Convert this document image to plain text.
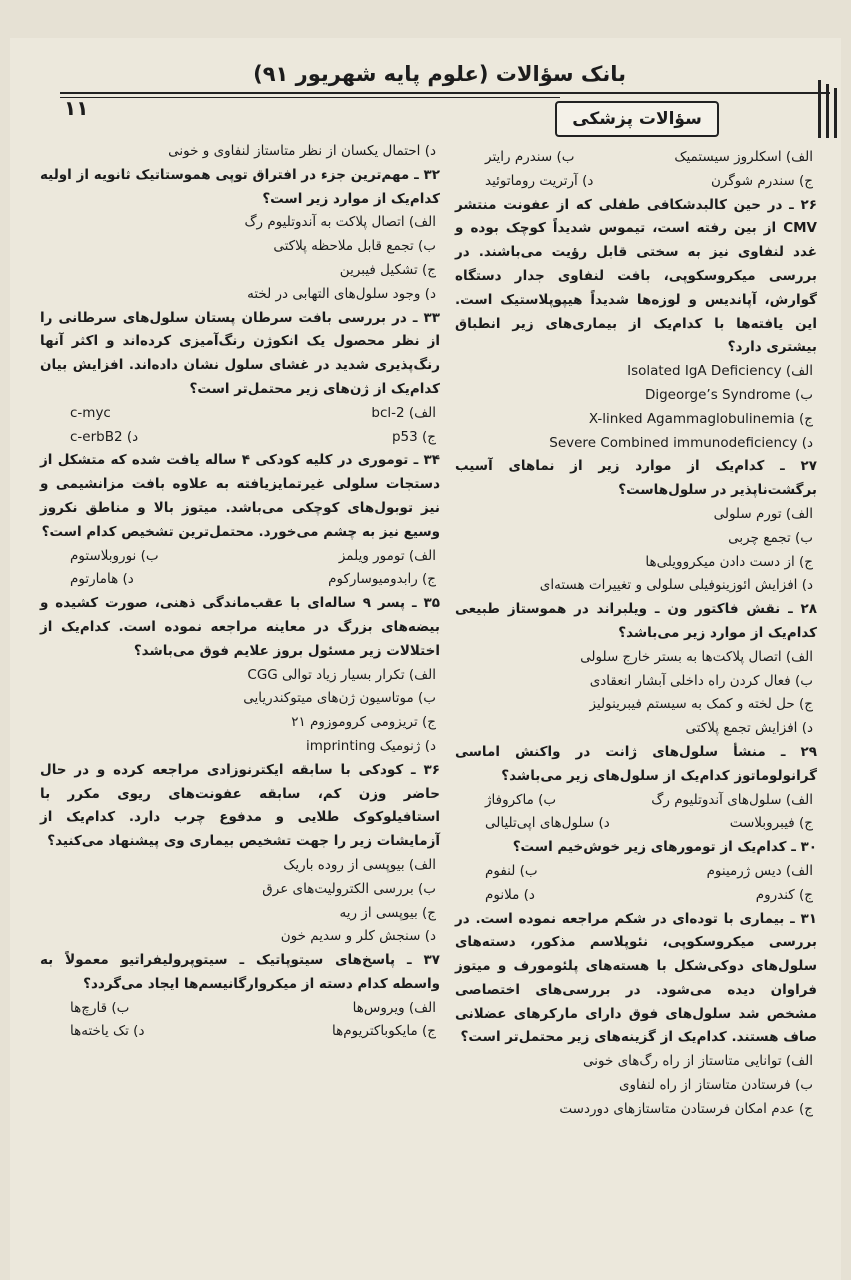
بانک سؤالات (علوم پایه شهریور ۹۱)
۱۱	سؤالات پزشکی
الف) اسکلروز سیستمیک
ب) سندرم رایتر
ج) سندرم شوگرن
د) آرتریت روماتوئید
۲۶ ـ در حین کالبدشکافی طفلی که از عفونت منتشر CMV از بین رفته است، تیموس شدیداً کوچک بوده و غدد لنفاوی نیز به سختی قابل رؤیت می‌باشند. در بررسی میکروسکوپی، بافت لنفاوی جدار دستگاه گوارش، آپاندیس و لوزه‌ها شدیداً هیپوپلاستیک است. این یافته‌ها با کدام‌یک از بیماری‌های زیر انطباق بیشتری دارد؟
الف) Isolated IgA Deficiency
ب) Digeorge’s Syndrome
ج) X-linked Agammaglobulinemia
د) Severe Combined immunodeficiency
۲۷ ـ کدام‌یک از موارد زیر از نماهای آسیب برگشت‌ناپذیر در سلول‌هاست؟
الف) تورم سلولی
ب) تجمع چربی
ج) از دست دادن میکروویلی‌ها
د) افزایش ائوزینوفیلی سلولی و تغییرات هسته‌ای
۲۸ ـ نقش فاکتور ون ـ ویلبراند در هموستاز طبیعی کدام‌یک از موارد زیر می‌باشد؟
الف) اتصال پلاکت‌ها به بستر خارج سلولی
ب) فعال کردن راه داخلی آبشار انعقادی
ج) حل لخته و کمک به سیستم فیبرینولیز
د) افزایش تجمع پلاکتی
۲۹ ـ منشأ سلول‌های ژانت در واکنش اماسی گرانولوماتوز کدام‌یک از سلول‌های زیر می‌باشد؟
الف) سلول‌های آندوتلیوم رگ
ب) ماکروفاژ
ج) فیبروبلاست
د) سلول‌های اپی‌تلیالی
۳۰ ـ کدام‌یک از تومورهای زیر خوش‌خیم است؟
الف) دیس ژرمینوم
ب) لنفوم
ج) کندروم
د) ملانوم
۳۱ ـ بیماری با توده‌ای در شکم مراجعه نموده است. در بررسی میکروسکوپی، نئوپلاسم مذکور، دسته‌های سلول‌های دوکی‌شکل با هسته‌های پلئومورف و میتوز فراوان دیده می‌شود. در بررسی‌های اختصاصی مشخص شد سلول‌های فوق دارای مارکرهای عضلانی صاف هستند. کدام‌یک از گزینه‌های زیر محتمل‌تر است؟
الف) توانایی متاستاز از راه رگ‌های خونی
ب) فرستادن متاستاز از راه لنفاوی
ج) عدم امکان فرستادن متاستازهای دوردست
د) احتمال یکسان از نظر متاستاز لنفاوی و خونی
۳۲ ـ مهم‌ترین جزء در افتراق توپی هموستاتیک ثانویه از اولیه کدام‌یک از موارد زیر است؟
الف) اتصال پلاکت به آندوتلیوم رگ
ب) تجمع قابل ملاحظه پلاکتی
ج) تشکیل فیبرین
د) وجود سلول‌های التهابی در لخته
۳۳ ـ در بررسی بافت سرطان پستان سلول‌های سرطانی را از نظر محصول یک انکوژن رنگ‌آمیزی کرده‌اند و اکثر آنها رنگ‌پذیری شدید در غشای سلول نشان داده‌اند. افزایش بیان کدام‌یک از ژن‌های زیر محتمل‌تر است؟
الف) bcl-2
c-myc
ج) p53
د) c-erbB2
۳۴ ـ توموری در کلیه کودکی ۴ ساله یافت شده که متشکل از دستجات سلولی غیرتمایزیافته به علاوه بافت مزانشیمی و نیز توبول‌های کوچکی می‌باشد. میتوز بالا و مناطق نکروز وسیع نیز به چشم می‌خورد. محتمل‌ترین تشخیص کدام است؟
الف) تومور ویلمز
ب) نوروبلاستوم
ج) رابدومیوسارکوم
د) هامارتوم
۳۵ ـ پسر ۹ ساله‌ای با عقب‌ماندگی ذهنی، صورت کشیده و بیضه‌های بزرگ در معاینه مراجعه نموده است. کدام‌یک از اختلالات زیر مسئول بروز علایم فوق می‌باشد؟
الف) تکرار بسیار زیاد توالی CGG
ب) موتاسیون ژن‌های میتوکندریایی
ج) تریزومی کروموزوم ۲۱
د) ژنومیک imprinting
۳۶ ـ کودکی با سابقه ایکترنوزادی مراجعه کرده و در حال حاضر وزن کم، سابقه عفونت‌های ریوی مکرر با استافیلوکوک طلایی و مدفوع چرب دارد. کدام‌یک از آزمایشات زیر را جهت تشخیص بیماری وی پیشنهاد می‌کنید؟
الف) بیوپسی از روده باریک
ب) بررسی الکترولیت‌های عرق
ج) بیوپسی از ریه
د) سنجش کلر و سدیم خون
۳۷ ـ پاسخ‌های سیتوپاتیک ـ سیتوپرولیفراتیو معمولاً به واسطه کدام دسته از میکروارگانیسم‌ها ایجاد می‌گردد؟
الف) ویروس‌ها
ب) قارچ‌ها
ج) مایکوباکتریوم‌ها
د) تک یاخته‌ها
